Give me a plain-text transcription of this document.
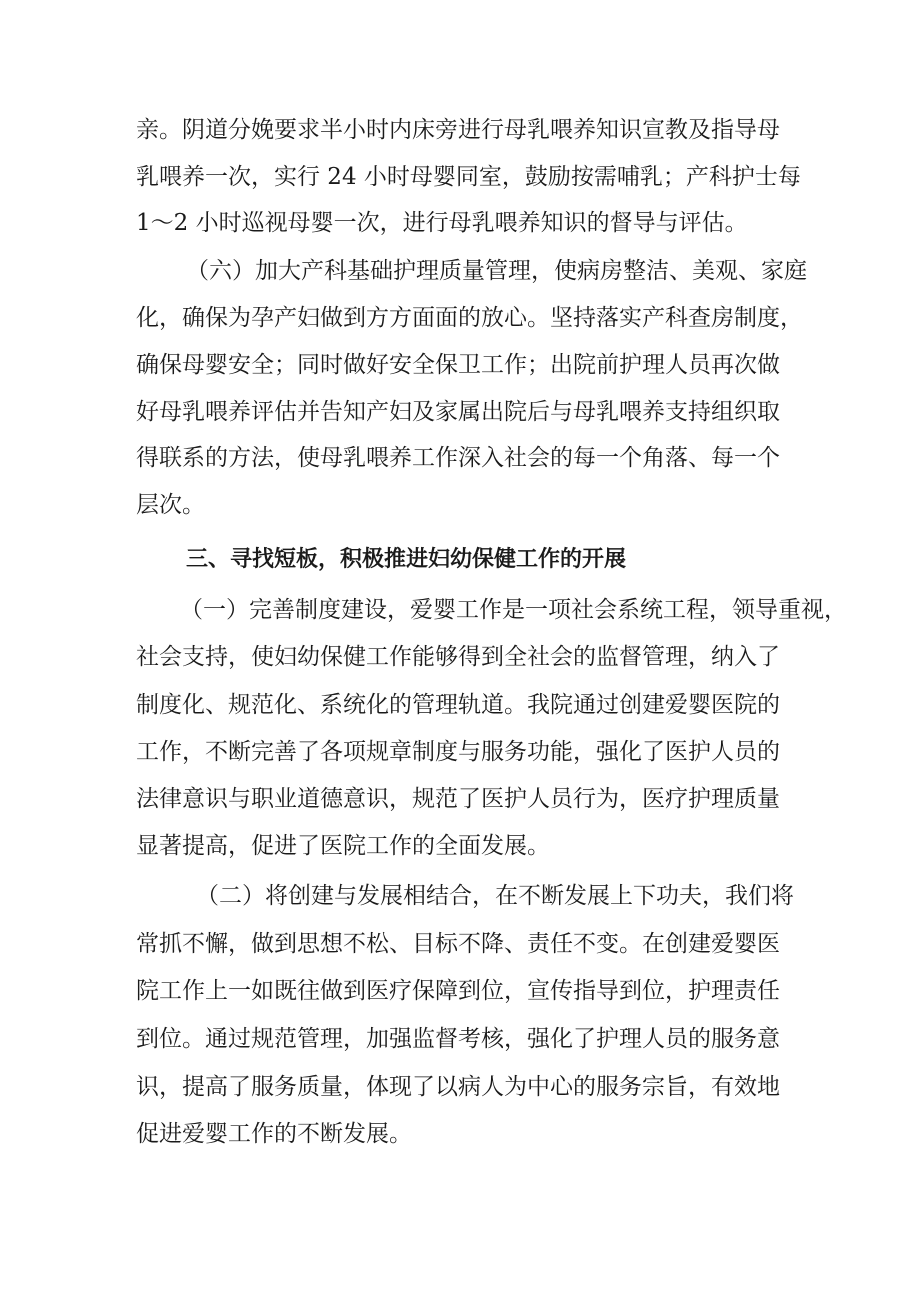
亲。阴道分娩要求半小时内床旁进行母乳喂养知识宣教及指导母

乳喂养一次，实行 24 小时母婴同室，鼓励按需哺乳；产科护士每

1～2 小时巡视母婴一次，进行母乳喂养知识的督导与评估。

（六）加大产科基础护理质量管理，使病房整洁、美观、家庭

化，确保为孕产妇做到方方面面的放心。坚持落实产科查房制度，

确保母婴安全；同时做好安全保卫工作；出院前护理人员再次做

好母乳喂养评估并告知产妇及家属出院后与母乳喂养支持组织取

得联系的方法，使母乳喂养工作深入社会的每一个角落、每一个

层次。

三、寻找短板，积极推进妇幼保健工作的开展

（一）完善制度建设，爱婴工作是一项社会系统工程，领导重视，

社会支持，使妇幼保健工作能够得到全社会的监督管理，纳入了

制度化、规范化、系统化的管理轨道。我院通过创建爱婴医院的

工作，不断完善了各项规章制度与服务功能，强化了医护人员的

法律意识与职业道德意识，规范了医护人员行为，医疗护理质量

显著提高，促进了医院工作的全面发展。

（二）将创建与发展相结合，在不断发展上下功夫，我们将

常抓不懈，做到思想不松、目标不降、责任不变。在创建爱婴医

院工作上一如既往做到医疗保障到位，宣传指导到位，护理责任

到位。通过规范管理，加强监督考核，强化了护理人员的服务意

识，提高了服务质量，体现了以病人为中心的服务宗旨，有效地

促进爱婴工作的不断发展。
